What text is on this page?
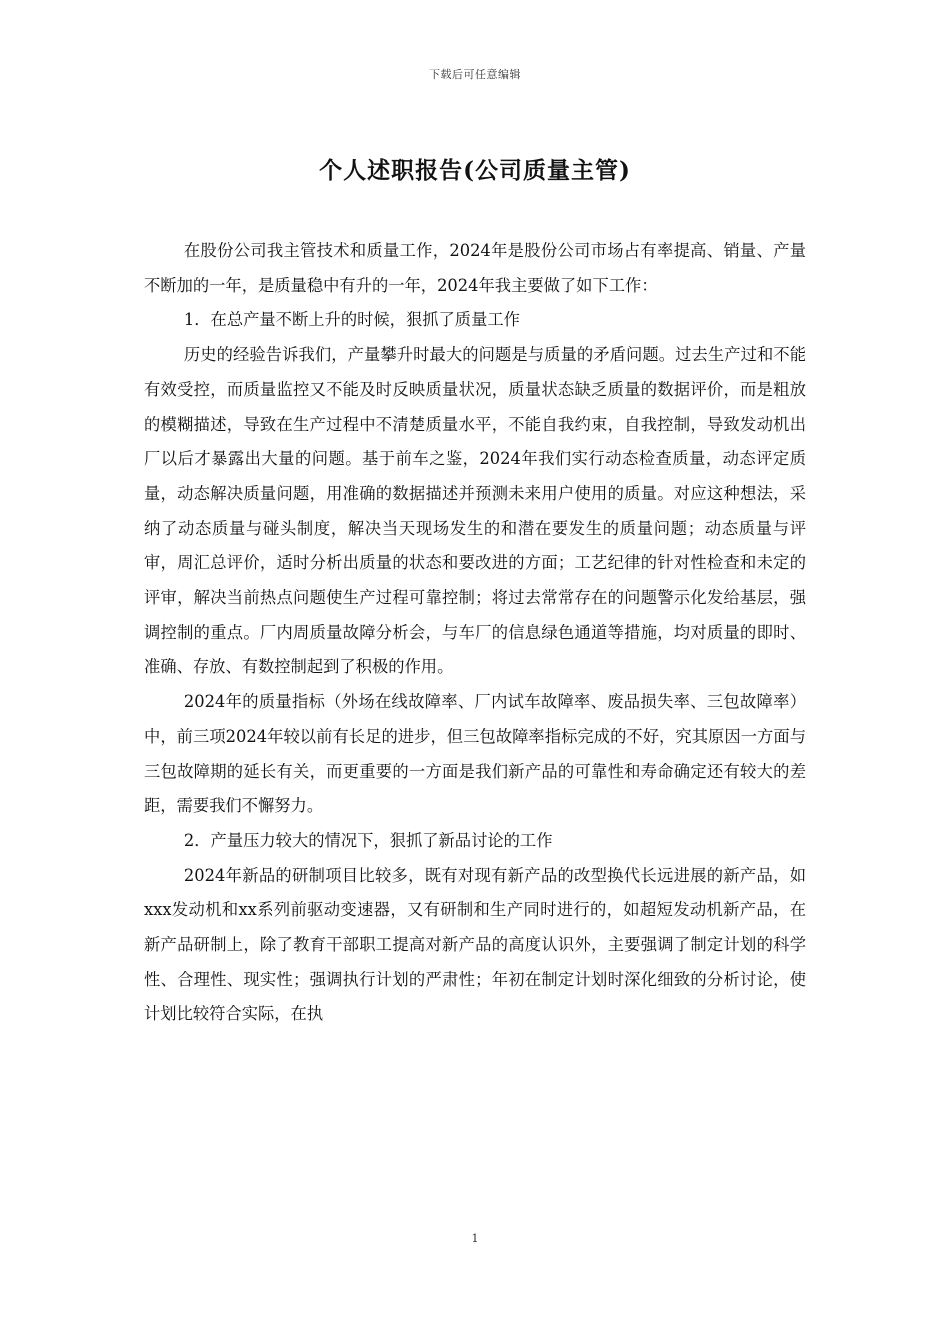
下载后可任意编辑
个人述职报告(公司质量主管)

在股份公司我主管技术和质量工作，2024年是股份公司市场占有率提高、销量、产量不断加的一年，是质量稳中有升的一年，2024年我主要做了如下工作：

1．在总产量不断上升的时候，狠抓了质量工作

历史的经验告诉我们，产量攀升时最大的问题是与质量的矛盾问题。过去生产过和不能有效受控，而质量监控又不能及时反映质量状况，质量状态缺乏质量的数据评价，而是粗放的模糊描述，导致在生产过程中不清楚质量水平，不能自我约束，自我控制，导致发动机出厂以后才暴露出大量的问题。基于前车之鉴，2024年我们实行动态检查质量，动态评定质量，动态解决质量问题，用准确的数据描述并预测未来用户使用的质量。对应这种想法，采纳了动态质量与碰头制度，解决当天现场发生的和潜在要发生的质量问题；动态质量与评审，周汇总评价，适时分析出质量的状态和要改进的方面；工艺纪律的针对性检查和未定的评审，解决当前热点问题使生产过程可靠控制；将过去常常存在的问题警示化发给基层，强调控制的重点。厂内周质量故障分析会，与车厂的信息绿色通道等措施，均对质量的即时、准确、存放、有数控制起到了积极的作用。

2024年的质量指标（外场在线故障率、厂内试车故障率、废品损失率、三包故障率）中，前三项2024年较以前有长足的进步，但三包故障率指标完成的不好，究其原因一方面与三包故障期的延长有关，而更重要的一方面是我们新产品的可靠性和寿命确定还有较大的差距，需要我们不懈努力。

2．产量压力较大的情况下，狠抓了新品讨论的工作

2024年新品的研制项目比较多，既有对现有新产品的改型换代长远进展的新产品，如xxx发动机和xx系列前驱动变速器，又有研制和生产同时进行的，如超短发动机新产品，在新产品研制上，除了教育干部职工提高对新产品的高度认识外，主要强调了制定计划的科学性、合理性、现实性；强调执行计划的严肃性；年初在制定计划时深化细致的分析讨论，使计划比较符合实际，在执

1
